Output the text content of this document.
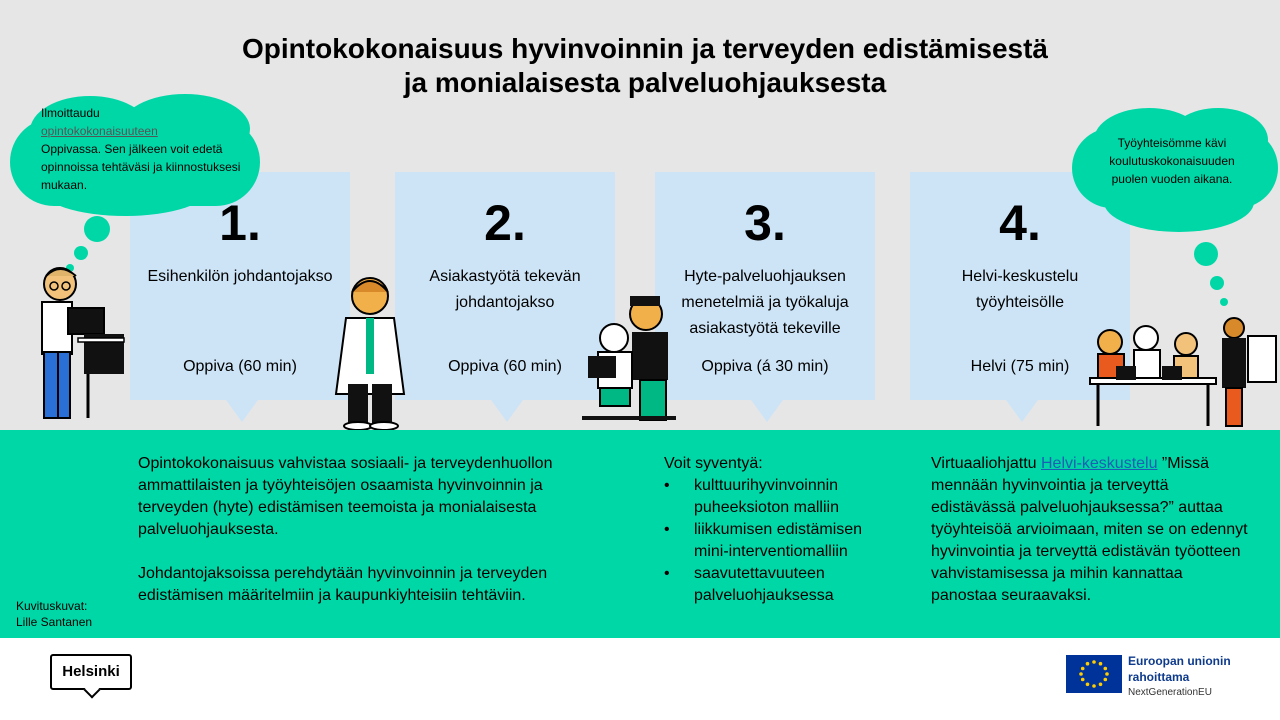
Opintokokonaisuus hyvinvoinnin ja terveyden edistämisestä
ja monialaisesta palveluohjauksesta
1.
Esihenkilön johdantojakso
Oppiva (60 min)
2.
Asiakastyötä tekevän johdantojakso
Oppiva (60 min)
3.
Hyte-palveluohjauksen menetelmiä ja työkaluja asiakastyötä tekeville
Oppiva (á 30 min)
4.
Helvi-keskustelu työyhteisölle
Helvi (75 min)
Ilmoittaudu
opintokokonaisuuteen
Oppivassa. Sen jälkeen voit edetä opinnoissa tehtäväsi ja kiinnostuksesi mukaan.
Työyhteisömme kävi koulutuskokonaisuuden puolen vuoden aikana.

Opintokokonaisuus vahvistaa sosiaali- ja terveydenhuollon ammattilaisten ja työyhteisöjen osaamista hyvinvoinnin ja terveyden (hyte) edistämisen teemoista ja monialaisesta palveluohjauksesta.

Johdantojaksoissa perehdytään hyvinvoinnin ja terveyden edistämisen määritelmiin ja kaupunkiyhteisiin tehtäviin.

Voit syventyä:
• kulttuurihyvinvoinnin puheeksioton malliin
• liikkumisen edistämisen mini-interventiomalliin
• saavutettavuuteen palveluohjauksessa
Virtuaaliohjattu Helvi-keskustelu ”Missä mennään hyvinvointia ja terveyttä edistävässä palveluohjauksessa?” auttaa työyhteisöä arvioimaan, miten se on edennyt hyvinvointia ja terveyttä edistävän työotteen vahvistamisessa ja mihin kannattaa panostaa seuraavaksi.
Kuvituskuvat:
Lille Santanen
Helsinki
Euroopan unionin
rahoittama
NextGenerationEU
